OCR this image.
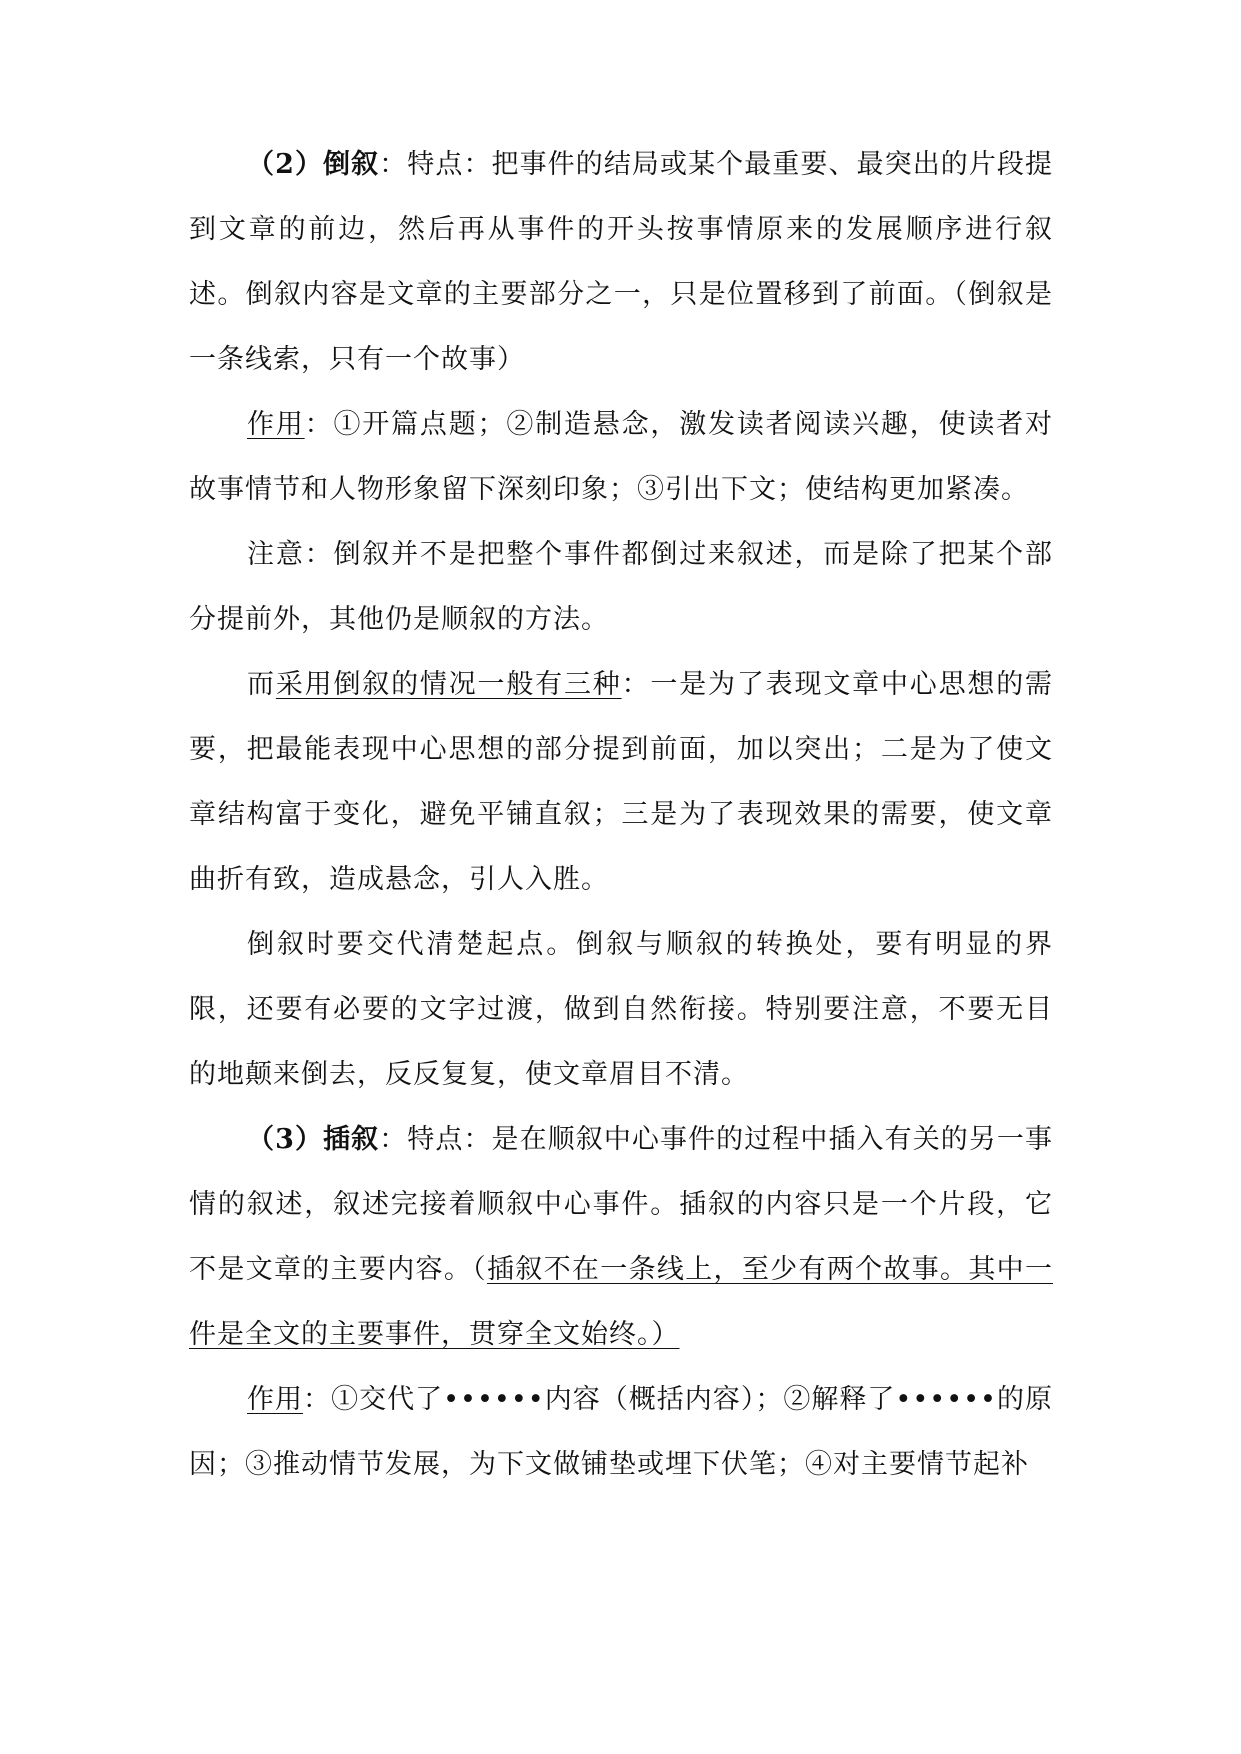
（2）倒叙：特点：把事件的结局或某个最重要、最突出的片段提到文章的前边，然后再从事件的开头按事情原来的发展顺序进行叙述。倒叙内容是文章的主要部分之一，只是位置移到了前面。（倒叙是一条线索，只有一个故事）

作用：①开篇点题；②制造悬念，激发读者阅读兴趣，使读者对故事情节和人物形象留下深刻印象；③引出下文；使结构更加紧凑。

注意：倒叙并不是把整个事件都倒过来叙述，而是除了把某个部分提前外，其他仍是顺叙的方法。

而采用倒叙的情况一般有三种：一是为了表现文章中心思想的需要，把最能表现中心思想的部分提到前面，加以突出；二是为了使文章结构富于变化，避免平铺直叙；三是为了表现效果的需要，使文章曲折有致，造成悬念，引人入胜。

倒叙时要交代清楚起点。倒叙与顺叙的转换处，要有明显的界限，还要有必要的文字过渡，做到自然衔接。特别要注意，不要无目的地颠来倒去，反反复复，使文章眉目不清。

（3）插叙：特点：是在顺叙中心事件的过程中插入有关的另一事情的叙述，叙述完接着顺叙中心事件。插叙的内容只是一个片段，它不是文章的主要内容。（插叙不在一条线上，至少有两个故事。其中一件是全文的主要事件，贯穿全文始终。）

作用：①交代了••••••内容（概括内容）；②解释了••••••的原因；③推动情节发展，为下文做铺垫或埋下伏笔；④对主要情节起补
